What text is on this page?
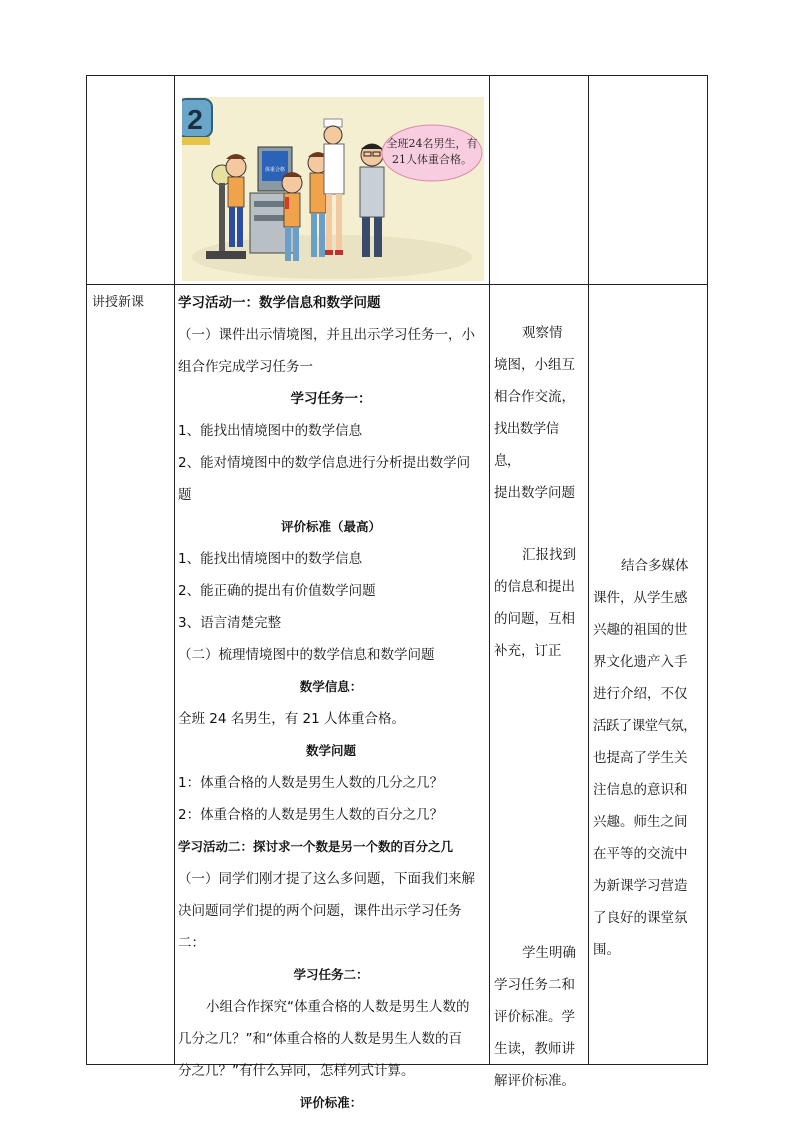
2
体重合格
全班24名男生，有
21人体重合格。
讲授新课	学习活动一：数学信息和数学问题

（一）课件出示情境图，并且出示学习任务一，小

组合作完成学习任务一

学习任务一：

1、能找出情境图中的数学信息

2、能对情境图中的数学信息进行分析提出数学问

题

评价标准（最高）

1、能找出情境图中的数学信息

2、能正确的提出有价值数学问题

3、语言清楚完整

（二）梳理情境图中的数学信息和数学问题

数学信息：

全班 24 名男生，有 21 人体重合格。

数学问题

1：体重合格的人数是男生人数的几分之几？

2：体重合格的人数是男生人数的百分之几？

学习活动二：探讨求一个数是另一个数的百分之几

（一）同学们刚才提了这么多问题，下面我们来解

决问题同学们提的两个问题，课件出示学习任务二：

学习任务二：

小组合作探究“体重合格的人数是男生人数的

几分之几？”和“体重合格的人数是男生人数的百

分之几？”有什么异同，怎样列式计算。

评价标准：

观察情

境图，小组互

相合作交流，

找出数学信息，

提出数学问题

汇报找到

的信息和提出

的问题，互相

补充，订正

学生明确

学习任务二和

评价标准。学

生读，教师讲

解评价标准。

结合多媒体

课件，从学生感

兴趣的祖国的世

界文化遗产入手

进行介绍，不仅

活跃了课堂气氛，

也提高了学生关

注信息的意识和

兴趣。师生之间

在平等的交流中

为新课学习营造

了良好的课堂氛

围。
